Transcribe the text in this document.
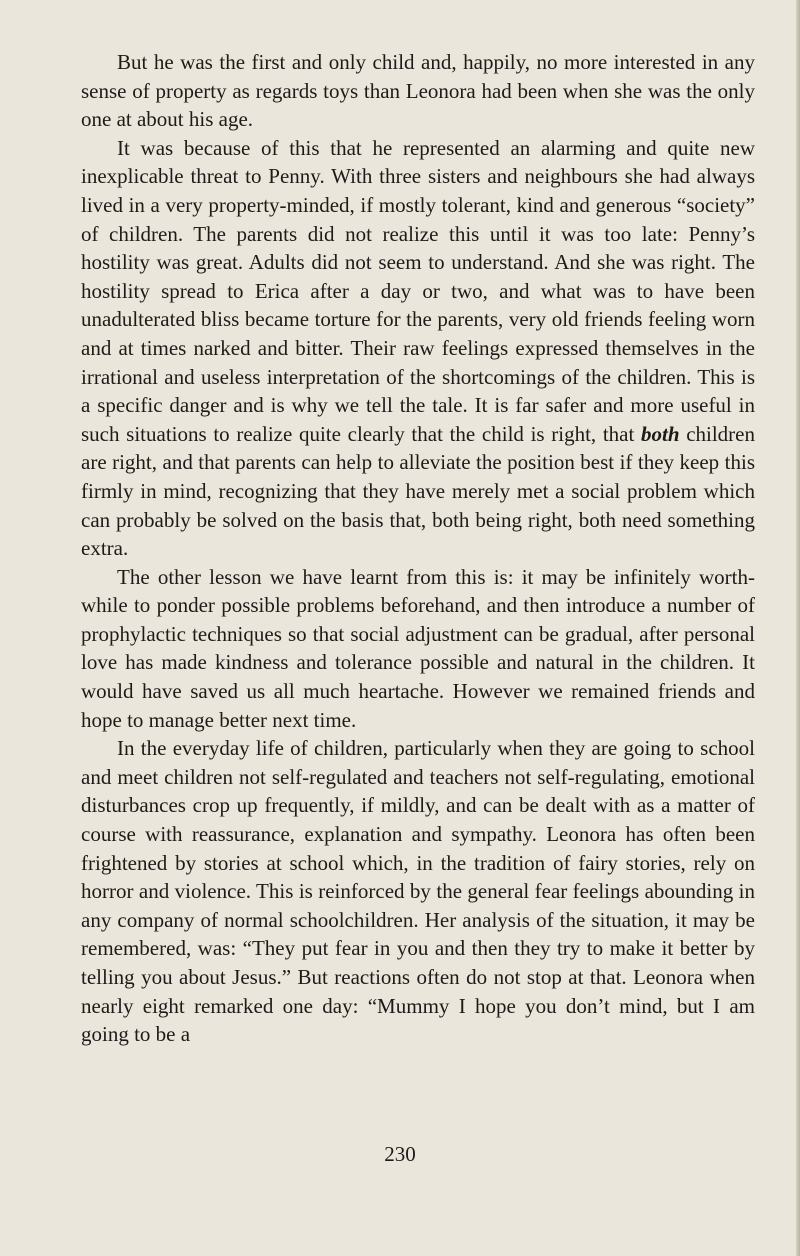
But he was the first and only child and, happily, no more interested in any sense of property as regards toys than Leonora had been when she was the only one at about his age.

It was because of this that he represented an alarming and quite new inexplicable threat to Penny. With three sisters and neighbours she had always lived in a very property-minded, if mostly tolerant, kind and generous “society” of children. The parents did not realize this until it was too late: Penny’s hostility was great. Adults did not seem to understand. And she was right. The hostility spread to Erica after a day or two, and what was to have been unadulterated bliss became torture for the parents, very old friends feeling worn and at times narked and bitter. Their raw feelings expressed themselves in the irrational and useless interpretation of the shortcomings of the children. This is a specific danger and is why we tell the tale. It is far safer and more useful in such situations to realize quite clearly that the child is right, that both children are right, and that parents can help to alleviate the position best if they keep this firmly in mind, recognizing that they have merely met a social problem which can probably be solved on the basis that, both being right, both need something extra.

The other lesson we have learnt from this is: it may be infinitely worth-while to ponder possible problems beforehand, and then introduce a number of prophylactic techniques so that social adjustment can be gradual, after personal love has made kindness and tolerance possible and natural in the children. It would have saved us all much heartache. However we remained friends and hope to manage better next time.

In the everyday life of children, particularly when they are going to school and meet children not self-regulated and teachers not self-regulating, emotional disturbances crop up frequently, if mildly, and can be dealt with as a matter of course with reassurance, explanation and sympathy. Leonora has often been frightened by stories at school which, in the tradition of fairy stories, rely on horror and violence. This is reinforced by the general fear feelings abounding in any company of normal schoolchildren. Her analysis of the situation, it may be remembered, was: “They put fear in you and then they try to make it better by telling you about Jesus.” But reactions often do not stop at that. Leonora when nearly eight remarked one day: “Mummy I hope you don’t mind, but I am going to be a

230
